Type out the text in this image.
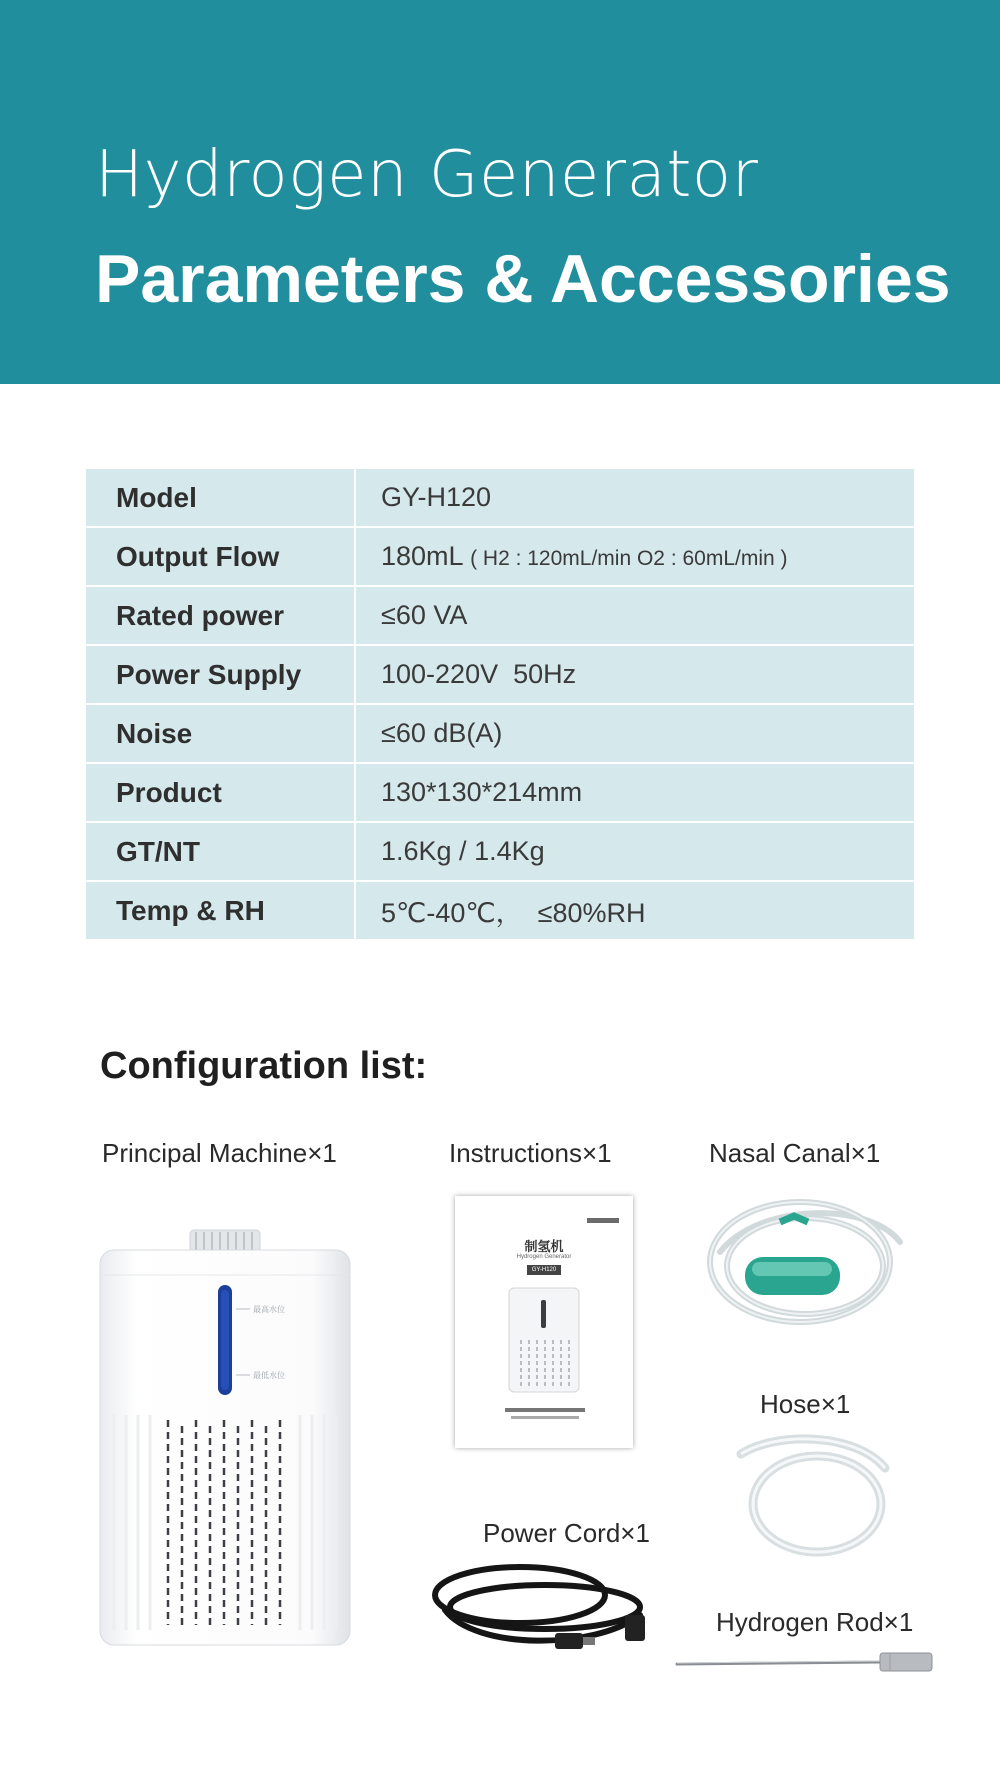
Hydrogen Generator
Parameters & Accessories
Model	GY-H120
Output Flow	180mL ( H2 : 120mL/min O2 : 60mL/min )
Rated power	≤60 VA
Power Supply	100-220V  50Hz
Noise	≤60 dB(A)
Product	130*130*214mm
GT/NT	1.6Kg / 1.4Kg
Temp & RH	5℃-40℃，  ≤80%RH
Configuration list:
Principal Machine×1	Instructions×1	Nasal Canal×1
Hose×1
Power Cord×1
Hydrogen Rod×1
最高水位
最低水位
制氢机
Hydrogen Generator
GY-H120
